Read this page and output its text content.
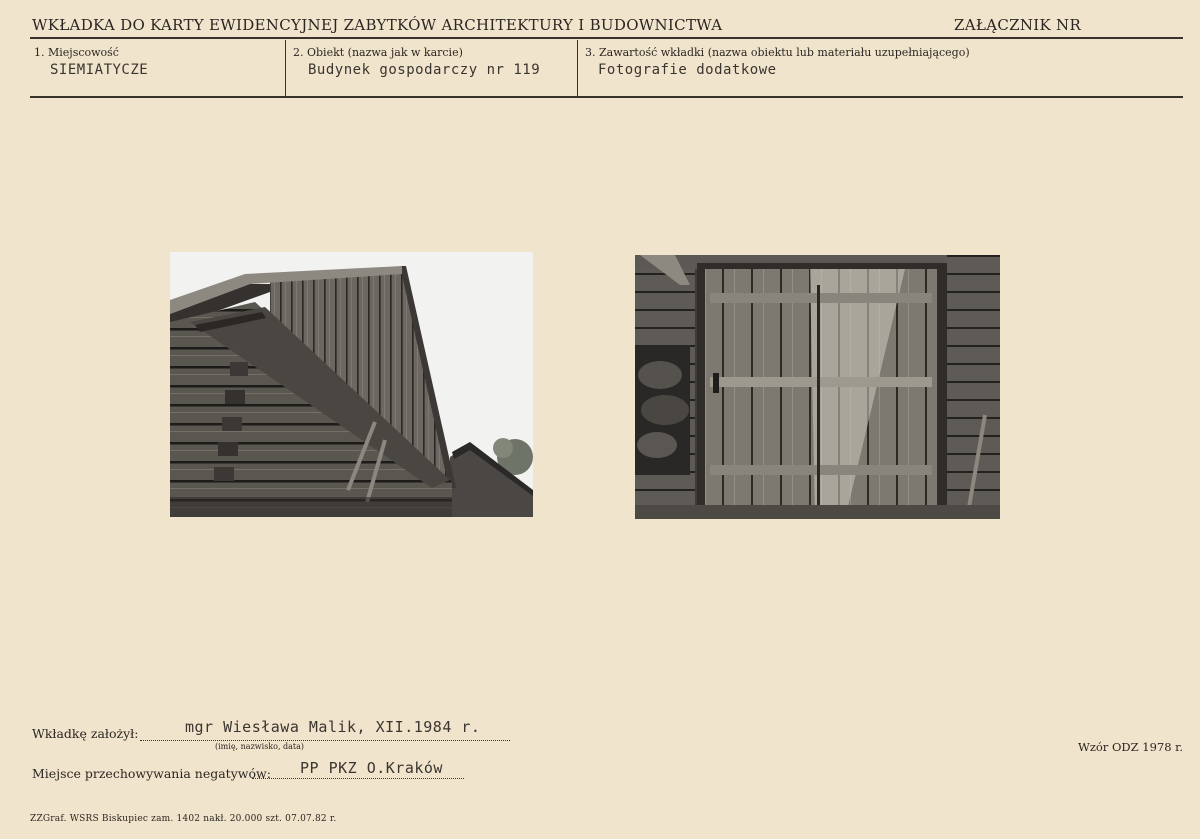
WKŁADKA DO KARTY EWIDENCYJNEJ ZABYTKÓW ARCHITEKTURY I BUDOWNICTWA	ZAŁĄCZNIK NR
1. Miejscowość
SIEMIATYCZE
2. Obiekt (nazwa jak w karcie)
Budynek gospodarczy nr 119
3. Zawartość wkładki (nazwa obiektu lub materiału uzupełniającego)
Fotografie dodatkowe
Wkładkę założył:	mgr Wiesława Malik, XII.1984 r.
(imię, nazwisko, data)
Miejsce przechowywania negatywów: PP PKZ O.Kraków
Wzór ODZ 1978 r.
ZZGraf. WSRS Biskupiec zam. 1402 nakł. 20.000 szt. 07.07.82 r.
